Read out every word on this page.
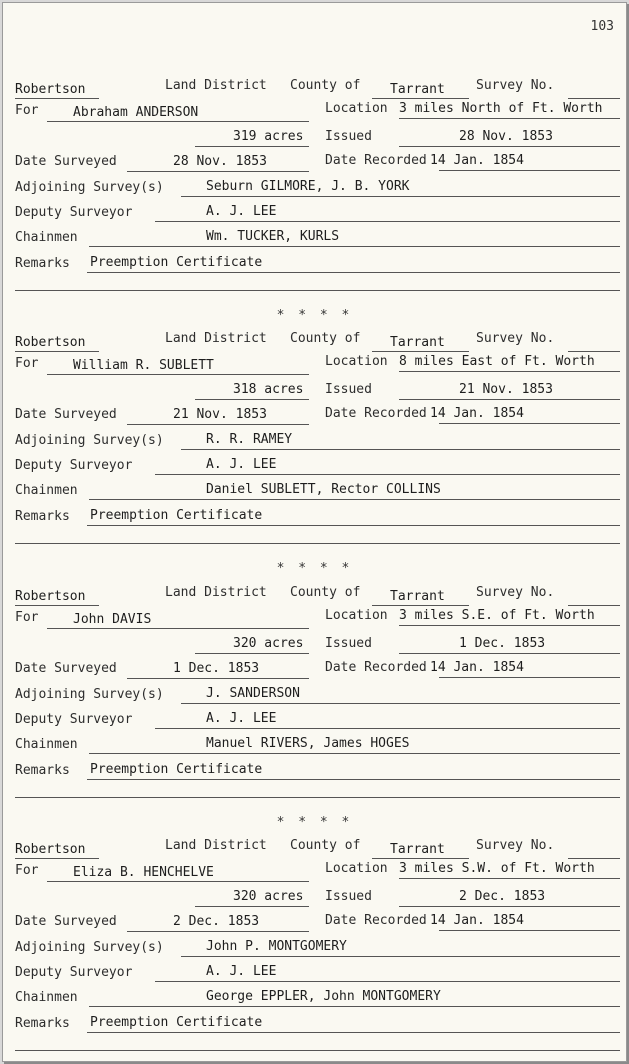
103
Robertson	Land District County of Tarrant Survey No.
For	Abraham ANDERSON	Location 3 miles North of Ft. Worth
319 acres Issued	28 Nov. 1853
Date Surveyed	28 Nov. 1853	Date Recorded 14 Jan. 1854
Adjoining Survey(s)	Seburn GILMORE, J. B. YORK
Deputy Surveyor	A. J. LEE
Chainmen	Wm. TUCKER, KURLS
Remarks Preemption Certificate
Robertson	Land District County of Tarrant Survey No.
For	William R. SUBLETT	Location 8 miles East of Ft. Worth
318 acres Issued	21 Nov. 1853
Date Surveyed	21 Nov. 1853	Date Recorded 14 Jan. 1854
Adjoining Survey(s)	R. R. RAMEY
Deputy Surveyor	A. J. LEE
Chainmen	Daniel SUBLETT, Rector COLLINS
Remarks Preemption Certificate
Robertson	Land District County of Tarrant Survey No.
For	John DAVIS	Location 3 miles S.E. of Ft. Worth
320 acres Issued	1 Dec. 1853
Date Surveyed	1 Dec. 1853	Date Recorded 14 Jan. 1854
Adjoining Survey(s)	J. SANDERSON
Deputy Surveyor	A. J. LEE
Chainmen	Manuel RIVERS, James HOGES
Remarks Preemption Certificate
Robertson	Land District County of Tarrant Survey No.
For	Eliza B. HENCHELVE	Location 3 miles S.W. of Ft. Worth
320 acres Issued	2 Dec. 1853
Date Surveyed	2 Dec. 1853	Date Recorded 14 Jan. 1854
Adjoining Survey(s)	John P. MONTGOMERY
Deputy Surveyor	A. J. LEE
Chainmen	George EPPLER, John MONTGOMERY
Remarks Preemption Certificate
* * * *
* * * *
* * * *
